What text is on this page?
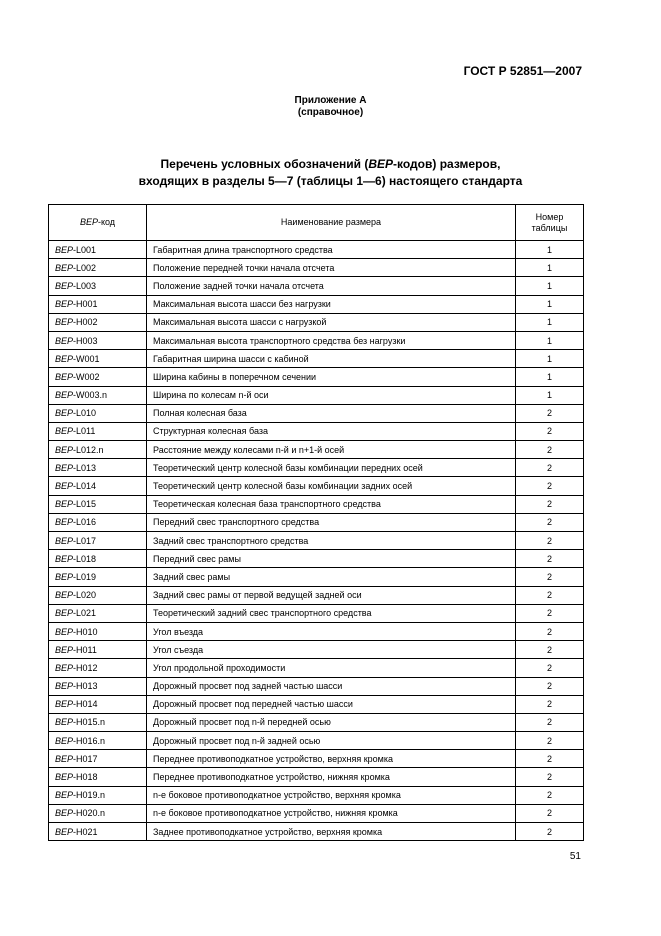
ГОСТ Р 52851—2007
Приложение А
(справочное)
Перечень условных обозначений (ВЕР-кодов) размеров,
входящих в разделы 5—7 (таблицы 1—6) настоящего стандарта
ВЕР-код	Наименование размера	Номер
таблицы
ВЕР-L001	Габаритная длина транспортного средства	1
ВЕР-L002	Положение передней точки начала отсчета	1
ВЕР-L003	Положение задней точки начала отсчета	1
ВЕР-H001	Максимальная высота шасси без нагрузки	1
ВЕР-H002	Максимальная высота шасси с нагрузкой	1
ВЕР-H003	Максимальная высота транспортного средства без нагрузки	1
ВЕР-W001	Габаритная ширина шасси с кабиной	1
ВЕР-W002	Ширина кабины в поперечном сечении	1
ВЕР-W003.n	Ширина по колесам n-й оси	1
ВЕР-L010	Полная колесная база	2
ВЕР-L011	Структурная колесная база	2
ВЕР-L012.n	Расстояние между колесами n-й и n+1-й осей	2
ВЕР-L013	Теоретический центр колесной базы комбинации передних осей	2
ВЕР-L014	Теоретический центр колесной базы комбинации задних осей	2
ВЕР-L015	Теоретическая колесная база транспортного средства	2
ВЕР-L016	Передний свес транспортного средства	2
ВЕР-L017	Задний свес транспортного средства	2
ВЕР-L018	Передний свес рамы	2
ВЕР-L019	Задний свес рамы	2
ВЕР-L020	Задний свес рамы от первой ведущей задней оси	2
ВЕР-L021	Теоретический задний свес транспортного средства	2
ВЕР-H010	Угол въезда	2
ВЕР-H011	Угол съезда	2
ВЕР-H012	Угол продольной проходимости	2
ВЕР-H013	Дорожный просвет под задней частью шасси	2
ВЕР-H014	Дорожный просвет под передней частью шасси	2
ВЕР-H015.n	Дорожный просвет под n-й передней осью	2
ВЕР-H016.n	Дорожный просвет под n-й задней осью	2
ВЕР-H017	Переднее противоподкатное устройство, верхняя кромка	2
ВЕР-H018	Переднее противоподкатное устройство, нижняя кромка	2
ВЕР-H019.n	n-е боковое противоподкатное устройство, верхняя кромка	2
ВЕР-H020.n	n-е боковое противоподкатное устройство, нижняя кромка	2
ВЕР-H021	Заднее противоподкатное устройство, верхняя кромка	2
51
